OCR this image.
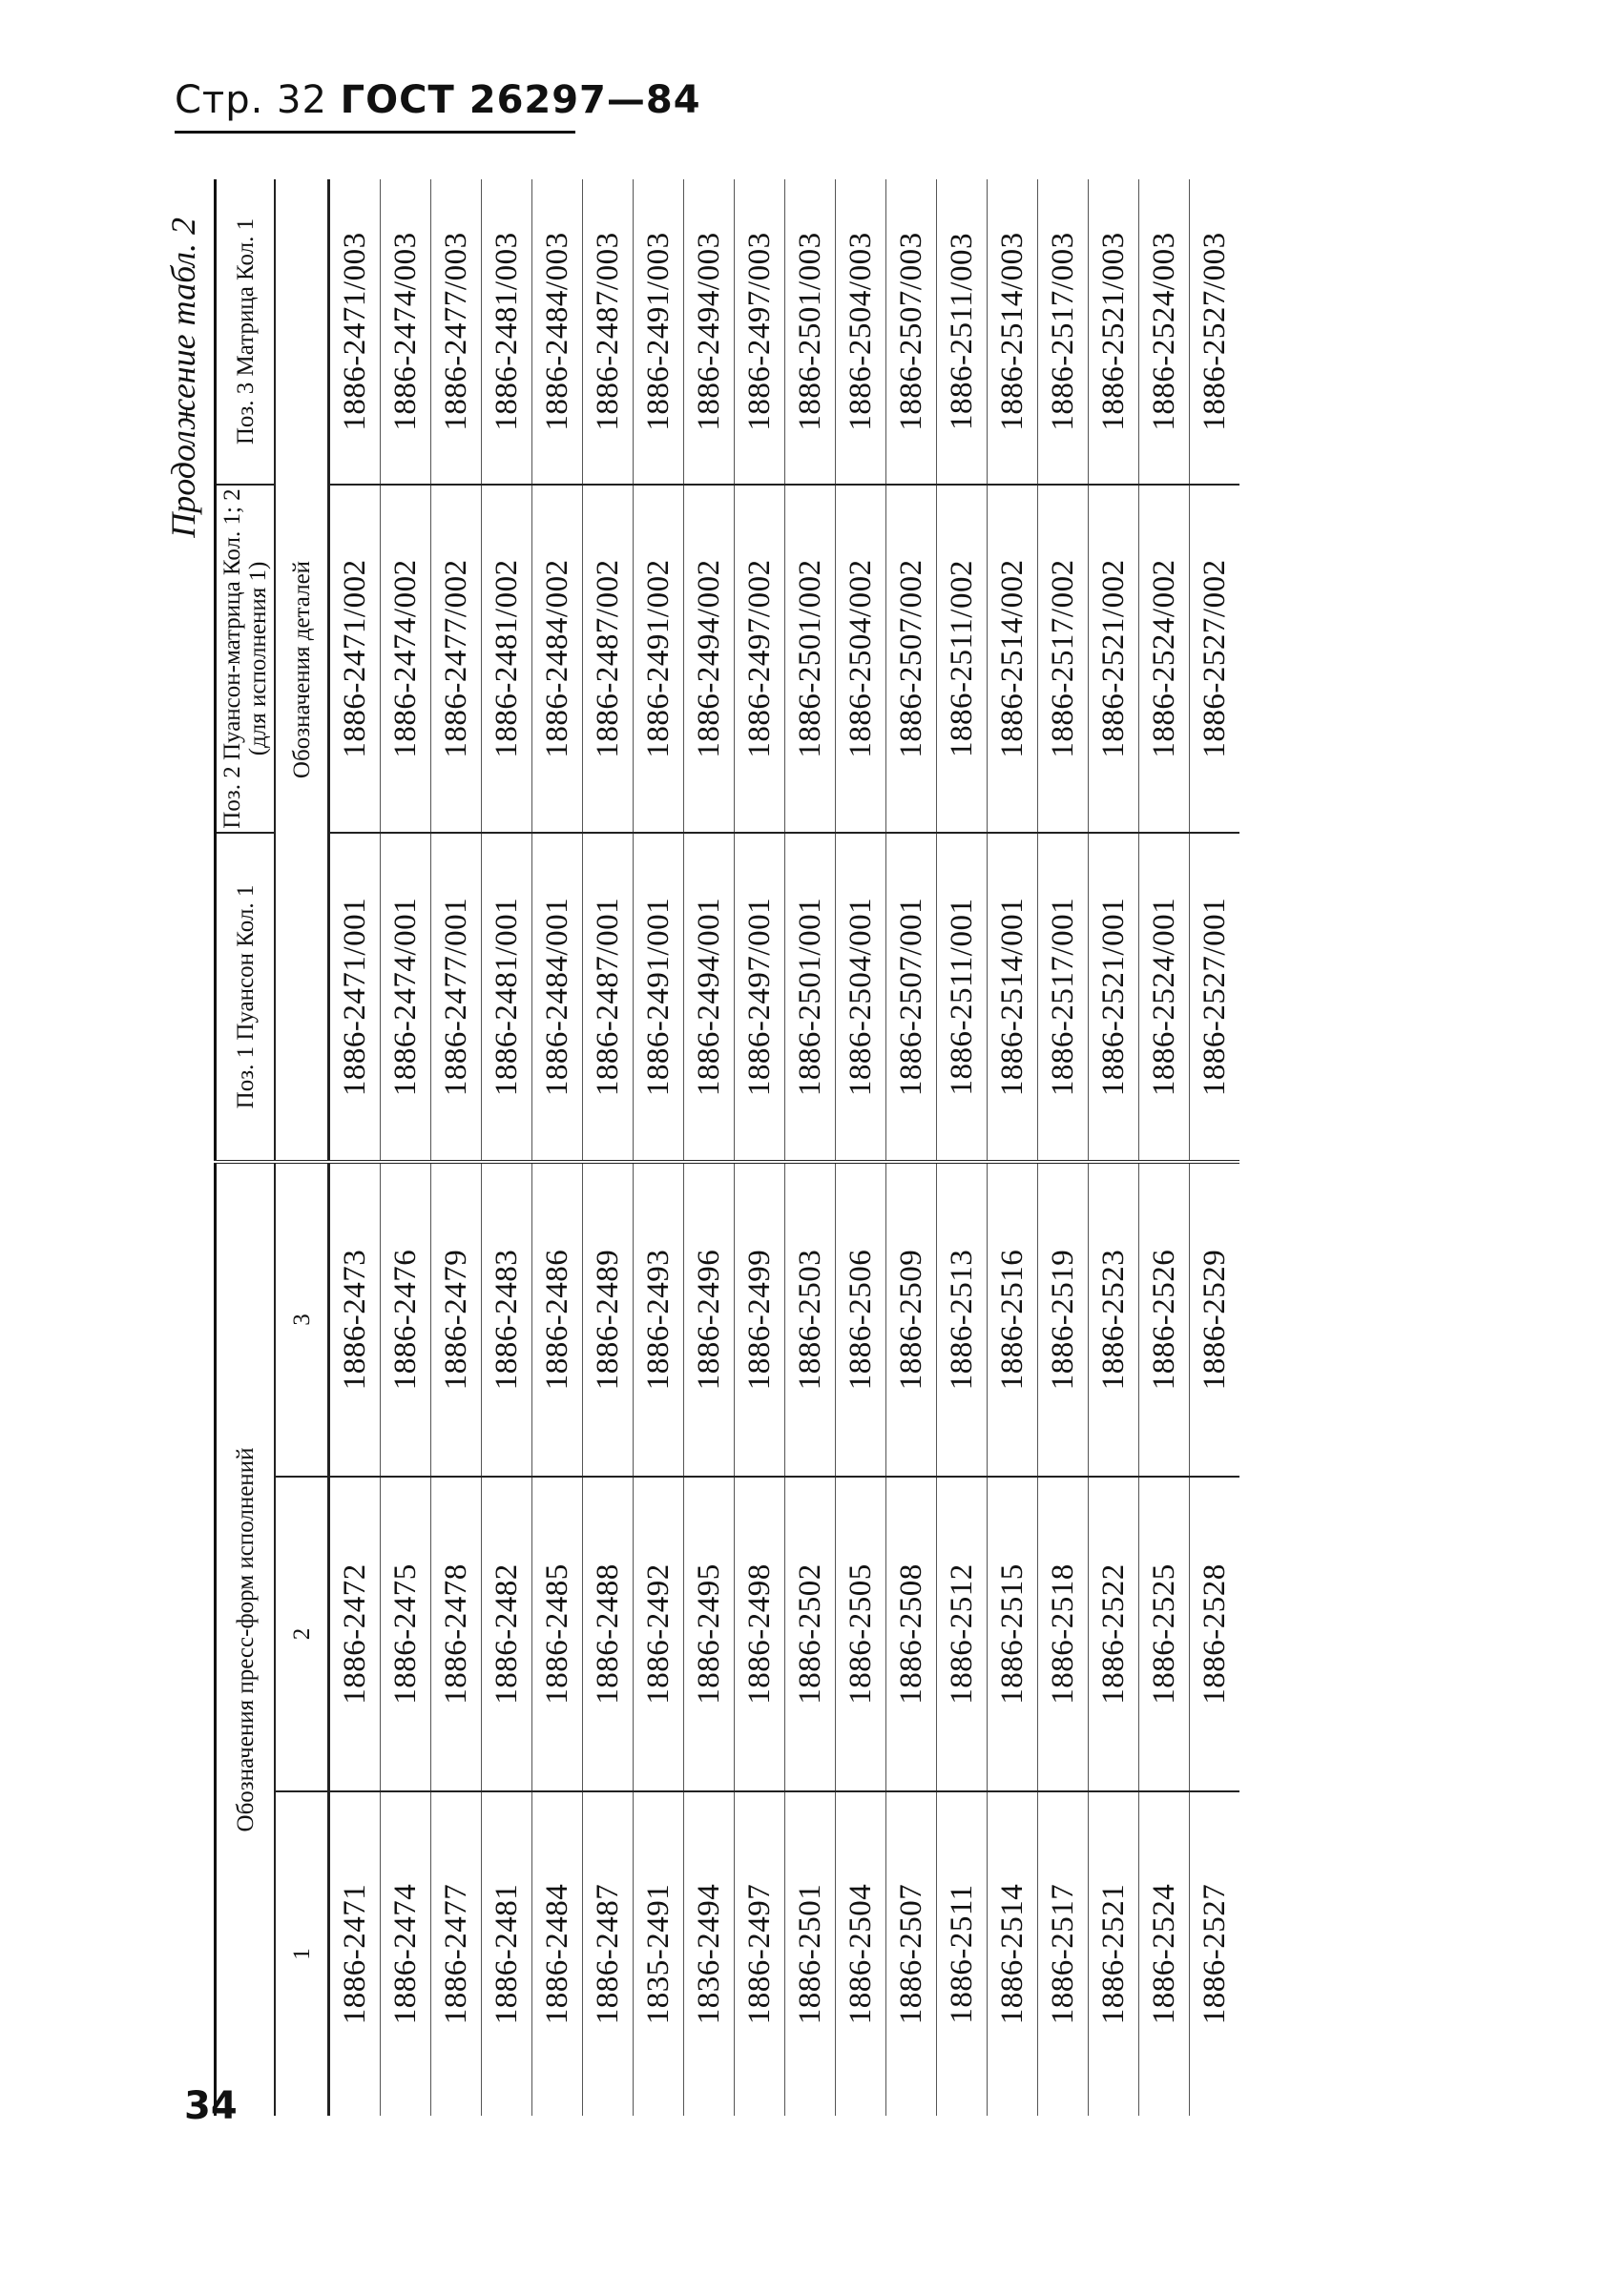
Стр. 32 ГОСТ 26297—84
Продолжение табл. 2
Обозначения пресс-форм исполнений			Поз. 1 Пуансон Кол. 1	Поз. 2 Пуансон-матрица Кол. 1; 2 (для исполнения 1)	Поз. 3 Матрица Кол. 1
1	2	3	Обозначения деталей		
1886-2471	1886-2472	1886-2473	1886-2471/001	1886-2471/002	1886-2471/003
1886-2474	1886-2475	1886-2476	1886-2474/001	1886-2474/002	1886-2474/003
1886-2477	1886-2478	1886-2479	1886-2477/001	1886-2477/002	1886-2477/003
1886-2481	1886-2482	1886-2483	1886-2481/001	1886-2481/002	1886-2481/003
1886-2484	1886-2485	1886-2486	1886-2484/001	1886-2484/002	1886-2484/003
1886-2487	1886-2488	1886-2489	1886-2487/001	1886-2487/002	1886-2487/003
1835-2491	1886-2492	1886-2493	1886-2491/001	1886-2491/002	1886-2491/003
1836-2494	1886-2495	1886-2496	1886-2494/001	1886-2494/002	1886-2494/003
1886-2497	1886-2498	1886-2499	1886-2497/001	1886-2497/002	1886-2497/003
1886-2501	1886-2502	1886-2503	1886-2501/001	1886-2501/002	1886-2501/003
1886-2504	1886-2505	1886-2506	1886-2504/001	1886-2504/002	1886-2504/003
1886-2507	1886-2508	1886-2509	1886-2507/001	1886-2507/002	1886-2507/003
1886-2511	1886-2512	1886-2513	1886-2511/001	1886-2511/002	1886-2511/003
1886-2514	1886-2515	1886-2516	1886-2514/001	1886-2514/002	1886-2514/003
1886-2517	1886-2518	1886-2519	1886-2517/001	1886-2517/002	1886-2517/003
1886-2521	1886-2522	1886-2523	1886-2521/001	1886-2521/002	1886-2521/003
1886-2524	1886-2525	1886-2526	1886-2524/001	1886-2524/002	1886-2524/003
1886-2527	1886-2528	1886-2529	1886-2527/001	1886-2527/002	1886-2527/003
34
